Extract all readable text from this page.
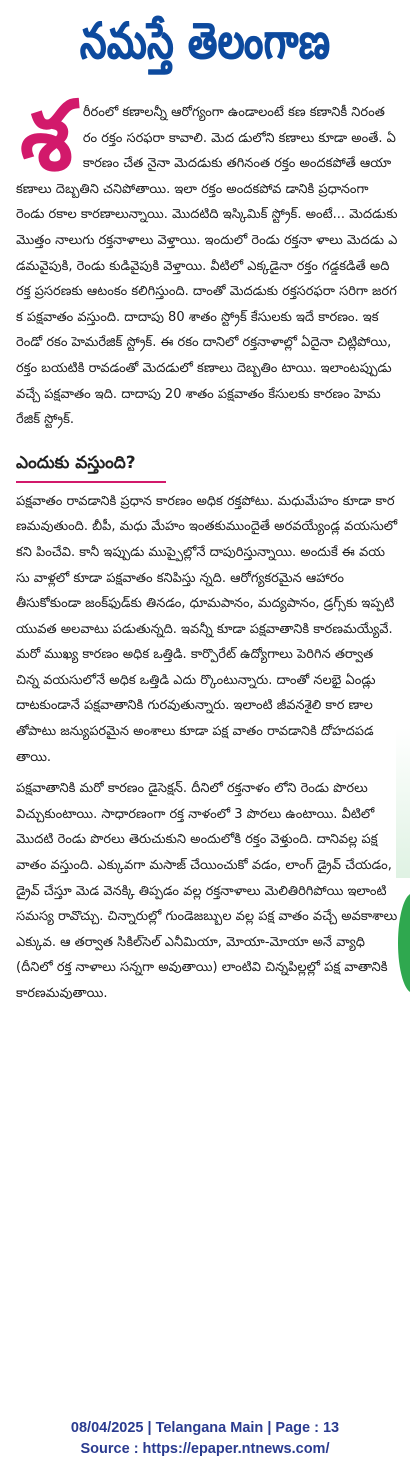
నమస్తే తెలంగాణ

శరీరంలో కణాలన్నీ ఆరోగ్యంగా ఉండాలంటే కణ కణానికీ నిరంతరం రక్తం సరఫరా కావాలి. మెద డులోని కణాలు కూడా అంతే. ఏ కారణం చేత నైనా మెదడుకు తగినంత రక్తం అందకపోతే ఆయా కణాలు దెబ్బతిని చనిపోతాయి. ఇలా రక్తం అందకపోవ డానికి ప్రధానంగా రెండు రకాల కారణాలున్నాయి. మొదటిది ఇస్కిమిక్ స్ట్రోక్. అంటే... మెదడుకు మొత్తం నాలుగు రక్తనాళాలు వెళ్తాయి. ఇందులో రెండు రక్తనా ళాలు మెదడు ఎడమవైపుకి, రెండు కుడివైపుకి వెళ్తాయి. వీటిలో ఎక్కడైనా రక్తం గడ్డకడితే అది రక్త ప్రసరణకు ఆటంకం కలిగిస్తుంది. దాంతో మెదడుకు రక్తసరఫరా సరిగా జరగక పక్షవాతం వస్తుంది. దాదాపు 80 శాతం స్ట్రోక్ కేసులకు ఇదే కారణం. ఇక రెండో రకం హెమరేజిక్ స్ట్రోక్. ఈ రకం దానిలో రక్తనాళాల్లో ఏదైనా చిట్లిపోయి, రక్తం బయటికి రావడంతో మెదడులో కణాలు దెబ్బతిం టాయి. ఇలాంటప్పుడు వచ్చే పక్షవాతం ఇది. దాదాపు 20 శాతం పక్షవాతం కేసులకు కారణం హెమరేజిక్ స్ట్రోక్.

ఎందుకు వస్తుంది?

పక్షవాతం రావడానికి ప్రధాన కారణం అధిక రక్తపోటు. మధుమేహం కూడా కారణమవుతుంది. బీపీ, మధు మేహం ఇంతకుముందైతే అరవయ్యేండ్ల వయసులో కని పించేవి. కానీ ఇప్పుడు ముప్పైల్లోనే దాపురిస్తున్నాయి. అందుకే ఈ వయసు వాళ్లలో కూడా పక్షవాతం కనిపిస్తు న్నది. ఆరోగ్యకరమైన ఆహారం తీసుకోకుండా జంక్‌ఫుడ్‌కు తినడం, ధూమపానం, మద్యపానం, డ్రగ్స్‌కు ఇప్పటి యువత అలవాటు పడుతున్నది. ఇవన్నీ కూడా పక్షవాతానికి కారణమయ్యేవే. మరో ముఖ్య కారణం అధిక ఒత్తిడి. కార్పొరేట్ ఉద్యోగాలు పెరిగిన తర్వాత చిన్న వయసులోనే అధిక ఒత్తిడి ఎదు ర్కొంటున్నారు. దాంతో నలభై ఏండ్లు దాటకుండానే పక్షవాతానికి గురవుతున్నారు. ఇలాంటి జీవనశైలి కార ణాలతోపాటు జన్యుపరమైన అంశాలు కూడా పక్ష వాతం రావడానికి దోహదపడతాయి.

పక్షవాతానికి మరో కారణం డైసెక్షన్. దీనిలో రక్తనాళం లోని రెండు పొరలు విచ్చుకుంటాయి. సాధారణంగా రక్త నాళంలో 3 పొరలు ఉంటాయి. వీటిలో మొదటి రెండు పొరలు తెరుచుకుని అందులోకి రక్తం వెళ్తుంది. దానివల్ల పక్షవాతం వస్తుంది. ఎక్కువగా మసాజ్ చేయించుకో వడం, లాంగ్ డ్రైవ్ చేయడం, డ్రైవ్ చేస్తూ మెడ వెనక్కి తిప్పడం వల్ల రక్తనాళాలు మెలితిరిగిపోయి ఇలాంటి సమస్య రావొచ్చు. చిన్నారుల్లో గుండెజబ్బుల వల్ల పక్ష వాతం వచ్చే అవకాశాలు ఎక్కువ. ఆ తర్వాత సికిల్‌సెల్ ఎనీమియా, మోయా-మోయా అనే వ్యాధి (దీనిలో రక్త నాళాలు సన్నగా అవుతాయి) లాంటివి చిన్నపిల్లల్లో పక్ష వాతానికి కారణమవుతాయి.

08/04/2025 | Telangana Main | Page : 13
Source : https://epaper.ntnews.com/
